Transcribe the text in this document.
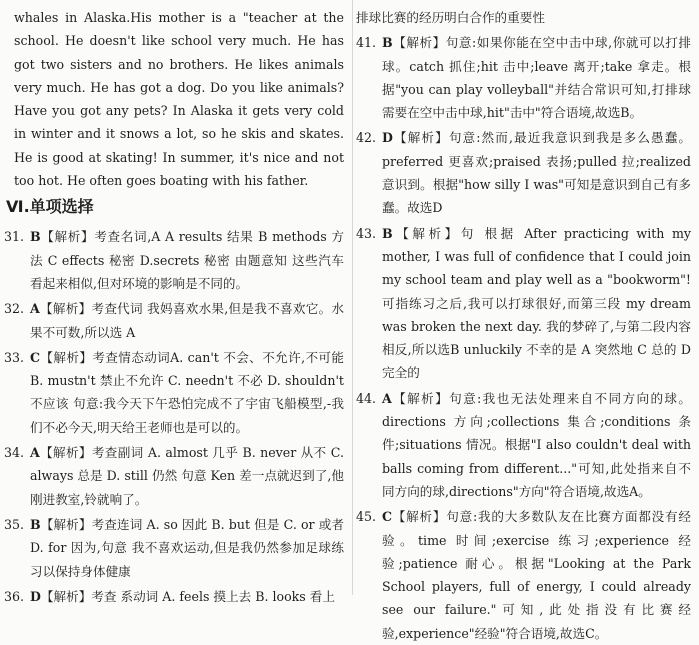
whales in Alaska.His mother is a "teacher at the school. He doesn't like school very much. He has got two sisters and no brothers. He likes animals very much. He has got a dog. Do you like animals? Have you got any pets? In Alaska it gets very cold in winter and it snows a lot, so he skis and skates. He is good at skating! In summer, it's nice and not too hot. He often goes boating with his father.
Ⅵ.单项选择
31. B【解析】考查名词,A A results 结果 B methods 方法 C effects 秘密 D.secrets 秘密 由题意知 这些汽车看起来相似,但对环境的影响是不同的。
32. A【解析】考查代词 我妈喜欢水果,但是我不喜欢它。水果不可数,所以选 A
33. C【解析】考查情态动词A. can't 不会、不允许,不可能 B. mustn't 禁止不允许 C. needn't 不必 D. shouldn't不应该 句意:我今天下午恐怕完成不了宇宙飞船模型,-我们不必今天,明天给王老师也是可以的。
34. A【解析】考查副词 A. almost 几乎 B. never 从不 C. always 总是 D. still 仍然 句意 Ken 差一点就迟到了,他刚进教室,铃就响了。
35. B【解析】考查连词 A. so 因此 B. but 但是 C. or 或者 D. for 因为,句意 我不喜欢运动,但是我仍然参加足球练习以保持身体健康
36. D【解析】考查 系动词 A. feels 摸上去 B. looks 看上
排球比赛的经历明白合作的重要性
41. B【解析】句意:如果你能在空中击中球,你就可以打排球。catch 抓住;hit 击中;leave 离开;take 拿走。根据"you can play volleyball"并结合常识可知,打排球需要在空中击中球,hit"击中"符合语境,故选B。
42. D【解析】句意:然而,最近我意识到我是多么愚蠢。preferred 更喜欢;praised 表扬;pulled 拉;realized 意识到。根据"how silly I was"可知是意识到自己有多蠢。故选D
43. B【解析】句 根据 After practicing with my mother, I was full of confidence that I could join my school team and play well as a "bookworm"!可指练习之后,我可以打球很好,而第三段 my dream was broken the next day. 我的梦碎了,与第二段内容相反,所以选B unluckily 不幸的是 A 突然地 C 总的 D完全的
44. A【解析】句意:我也无法处理来自不同方向的球。directions 方向;collections 集合;conditions 条件;situations 情况。根据"I also couldn't deal with balls coming from different..."可知,此处指来自不同方向的球,directions"方向"符合语境,故选A。
45. C【解析】句意:我的大多数队友在比赛方面都没有经验。time 时间;exercise 练习;experience 经验;patience 耐心。根据"Looking at the Park School players, full of energy, I could already see our failure."可知,此处指没有比赛经验,experience"经验"符合语境,故选C。
